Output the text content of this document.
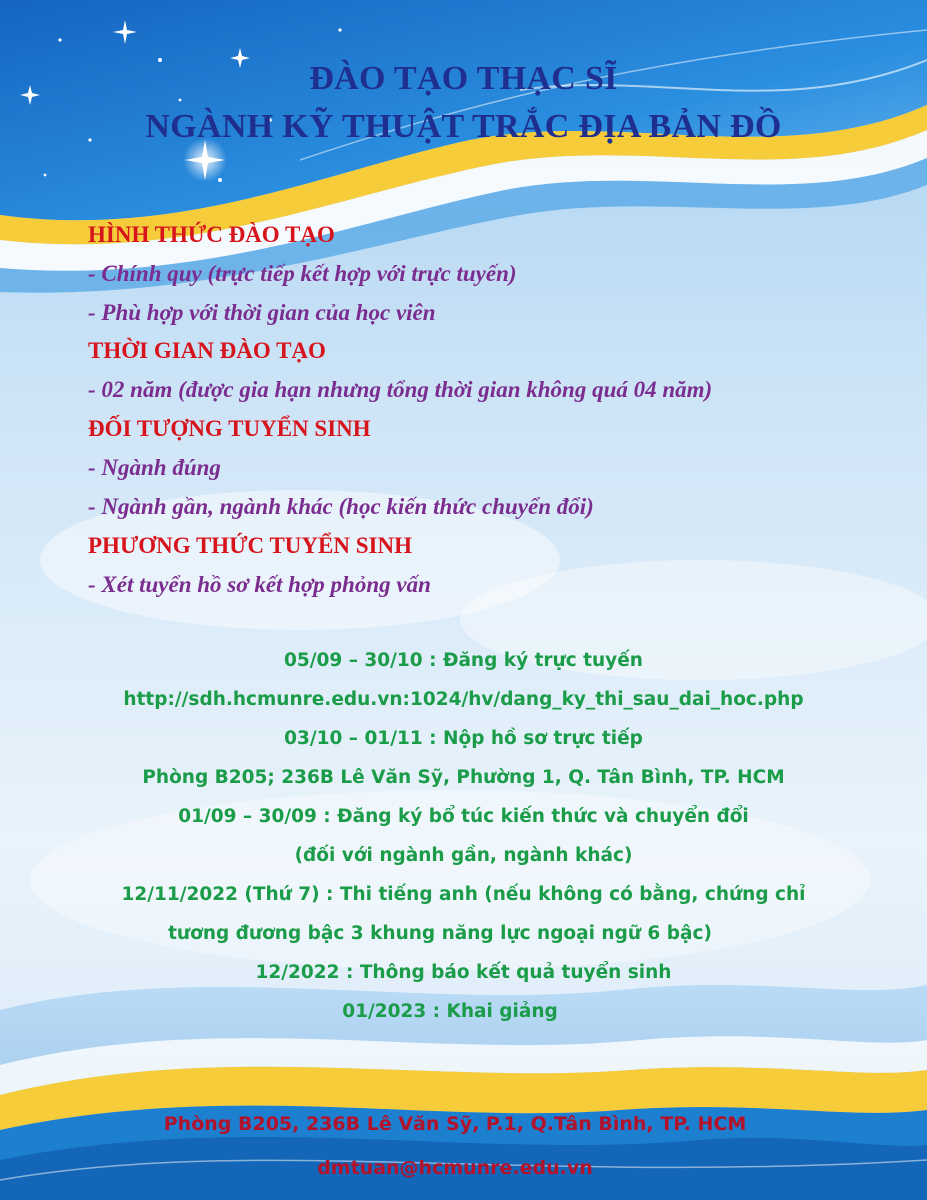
ĐÀO TẠO THẠC SĨ
NGÀNH KỸ THUẬT TRẮC ĐỊA BẢN ĐỒ
HÌNH THỨC ĐÀO TẠO
- Chính quy (trực tiếp kết hợp với trực tuyến)
- Phù hợp với thời gian của học viên
THỜI GIAN ĐÀO TẠO
- 02 năm (được gia hạn nhưng tổng thời gian không quá 04 năm)
ĐỐI TƯỢNG TUYỂN SINH
- Ngành đúng
- Ngành gần, ngành khác (học kiến thức chuyển đổi)
PHƯƠNG THỨC TUYỂN SINH
- Xét tuyển hồ sơ kết hợp phỏng vấn
05/09 – 30/10 : Đăng ký trực tuyến
http://sdh.hcmunre.edu.vn:1024/hv/dang_ky_thi_sau_dai_hoc.php
03/10 – 01/11 : Nộp hồ sơ trực tiếp
Phòng B205; 236B Lê Văn Sỹ, Phường 1, Q. Tân Bình, TP. HCM
01/09 – 30/09 : Đăng ký bổ túc kiến thức và chuyển đổi
(đối với ngành gần, ngành khác)
12/11/2022 (Thứ 7) : Thi tiếng anh (nếu không có bằng, chứng chỉ
tương đương bậc 3 khung năng lực ngoại ngữ 6 bậc)
12/2022 : Thông báo kết quả tuyển sinh
01/2023 : Khai giảng
Phòng B205, 236B Lê Văn Sỹ, P.1, Q.Tân Bình, TP. HCM
dmtuan@hcmunre.edu.vn
